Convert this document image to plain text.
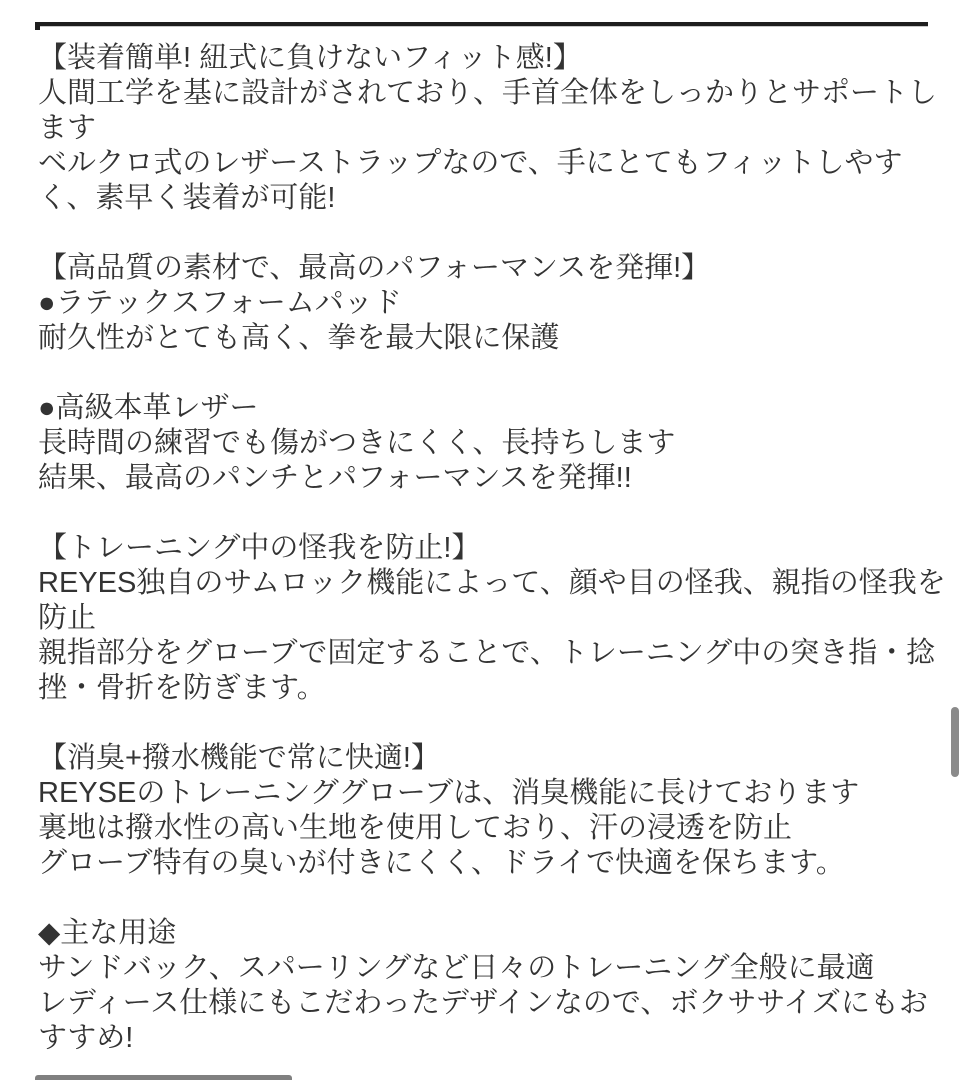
【装着簡単! 紐式に負けないフィット感!】
人間工学を基に設計がされており、手首全体をしっかりとサポートし
ます
ベルクロ式のレザーストラップなので、手にとてもフィットしやす
く、素早く装着が可能!
【高品質の素材で、最高のパフォーマンスを発揮!】
●ラテックスフォームパッド
耐久性がとても高く、拳を最大限に保護
●高級本革レザー
長時間の練習でも傷がつきにくく、長持ちします
結果、最高のパンチとパフォーマンスを発揮!!
【トレーニング中の怪我を防止!】
REYES独自のサムロック機能によって、顔や目の怪我、親指の怪我を
防止
親指部分をグローブで固定することで、トレーニング中の突き指・捻
挫・骨折を防ぎます。
【消臭+撥水機能で常に快適!】
REYSEのトレーニンググローブは、消臭機能に長けております
裏地は撥水性の高い生地を使用しており、汗の浸透を防止
グローブ特有の臭いが付きにくく、ドライで快適を保ちます。
◆主な用途
サンドバック、スパーリングなど日々のトレーニング全般に最適
レディース仕様にもこだわったデザインなので、ボクササイズにもお
すすめ!
